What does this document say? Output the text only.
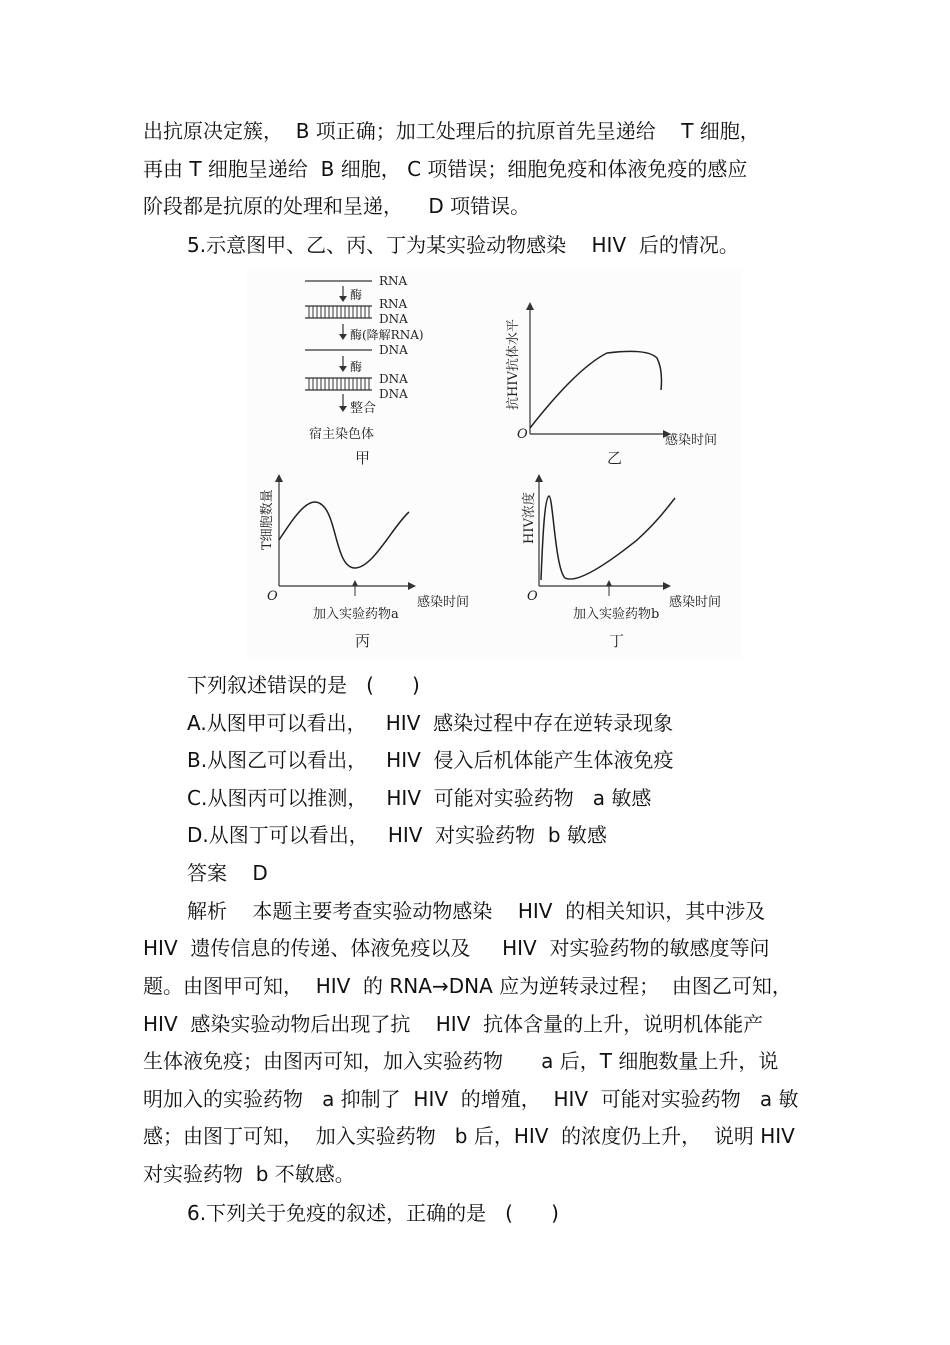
出抗原决定簇，  B 项正确；加工处理后的抗原首先呈递给    T 细胞，
再由 T 细胞呈递给  B 细胞， C 项错误；细胞免疫和体液免疫的感应
阶段都是抗原的处理和呈递，    D 项错误。
5.示意图甲、乙、丙、丁为某实验动物感染    HIV  后的情况。
RNA
酶
RNA
DNA
酶(降解RNA)
DNA
酶
DNA
DNA
整合
宿主染色体
甲
O
抗HIV抗体水平
感染时间
乙
O
T细胞数量
感染时间
加入实验药物a
丙
O
HIV浓度
感染时间
加入实验药物b
丁
下列叙述错误的是   (      )
A.从图甲可以看出，   HIV  感染过程中存在逆转录现象
B.从图乙可以看出，   HIV  侵入后机体能产生体液免疫
C.从图丙可以推测，   HIV  可能对实验药物   a 敏感
D.从图丁可以看出，   HIV  对实验药物  b 敏感
答案    D
解析    本题主要考查实验动物感染    HIV  的相关知识，其中涉及
HIV  遗传信息的传递、体液免疫以及     HIV  对实验药物的敏感度等问
题。由图甲可知，  HIV  的 RNA→DNA 应为逆转录过程；  由图乙可知，
HIV  感染实验动物后出现了抗    HIV  抗体含量的上升，说明机体能产
生体液免疫；由图丙可知，加入实验药物      a 后，T 细胞数量上升，说
明加入的实验药物   a 抑制了  HIV  的增殖，  HIV  可能对实验药物   a 敏
感；由图丁可知，  加入实验药物   b 后，HIV  的浓度仍上升，  说明 HIV
对实验药物  b 不敏感。
6.下列关于免疫的叙述，正确的是   (      )
